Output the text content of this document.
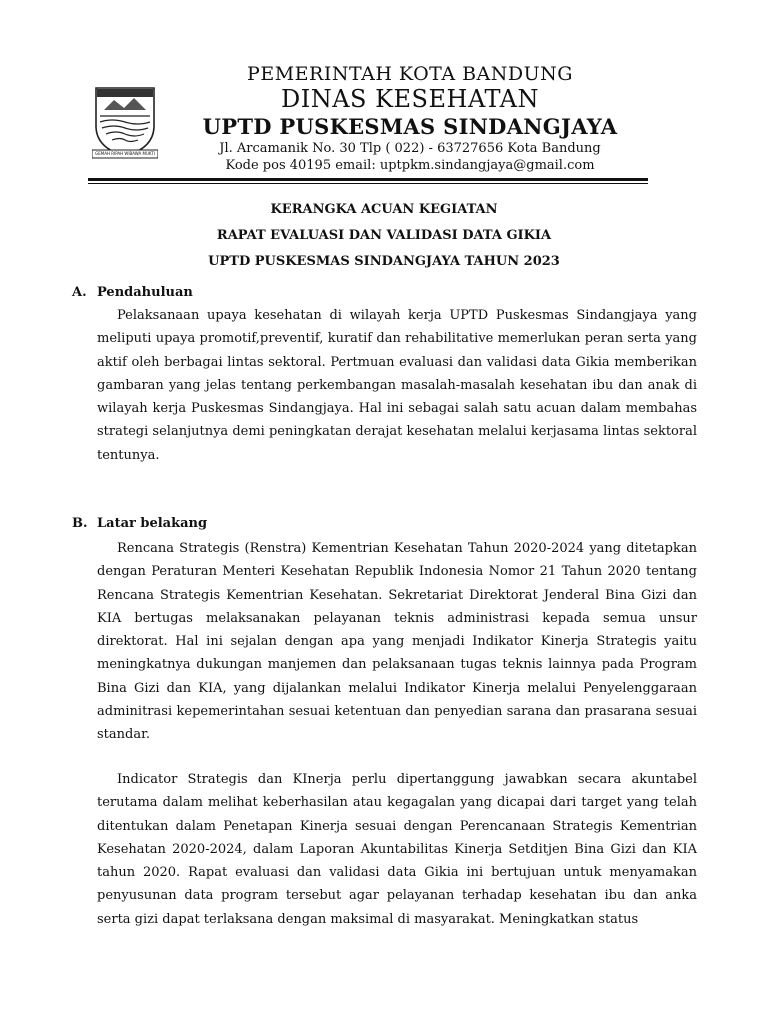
GEMAH RIPAH WIBAWA MUKTI
PEMERINTAH KOTA BANDUNG
DINAS KESEHATAN
UPTD PUSKESMAS SINDANGJAYA
Jl. Arcamanik No. 30 Tlp ( 022) - 63727656 Kota Bandung
Kode pos 40195 email: uptpkm.sindangjaya@gmail.com
KERANGKA ACUAN KEGIATAN
RAPAT EVALUASI DAN VALIDASI DATA GIKIA
UPTD PUSKESMAS SINDANGJAYA TAHUN 2023
A. Pendahuluan

Pelaksanaan upaya kesehatan di wilayah kerja UPTD Puskesmas Sindangjaya yang meliputi upaya promotif,preventif, kuratif dan rehabilitative memerlukan peran serta yang aktif oleh berbagai lintas sektoral. Pertmuan evaluasi dan validasi data Gikia memberikan gambaran yang jelas tentang perkembangan masalah-masalah kesehatan ibu dan anak di wilayah kerja Puskesmas Sindangjaya. Hal ini sebagai salah satu acuan dalam membahas strategi selanjutnya demi peningkatan derajat kesehatan melalui kerjasama lintas sektoral tentunya.

B. Latar belakang

Rencana Strategis (Renstra) Kementrian Kesehatan Tahun 2020-2024 yang ditetapkan dengan Peraturan Menteri Kesehatan Republik Indonesia Nomor 21 Tahun 2020 tentang Rencana Strategis Kementrian Kesehatan. Sekretariat Direktorat Jenderal Bina Gizi dan KIA bertugas melaksanakan pelayanan teknis administrasi kepada semua unsur direktorat. Hal ini sejalan dengan apa yang menjadi Indikator Kinerja Strategis yaitu meningkatnya dukungan manjemen dan pelaksanaan tugas teknis lainnya pada Program Bina Gizi dan KIA, yang dijalankan melalui Indikator Kinerja melalui Penyelenggaraan adminitrasi kepemerintahan sesuai ketentuan dan penyedian sarana dan prasarana sesuai standar.

Indicator Strategis dan KInerja perlu dipertanggung jawabkan secara akuntabel terutama dalam melihat keberhasilan atau kegagalan yang dicapai dari target yang telah ditentukan dalam Penetapan Kinerja sesuai dengan Perencanaan Strategis Kementrian Kesehatan 2020-2024, dalam Laporan Akuntabilitas Kinerja Setditjen Bina Gizi dan KIA tahun 2020. Rapat evaluasi dan validasi data Gikia ini bertujuan untuk menyamakan penyusunan data program tersebut agar pelayanan terhadap kesehatan ibu dan anka serta gizi dapat terlaksana dengan maksimal di masyarakat. Meningkatkan status
